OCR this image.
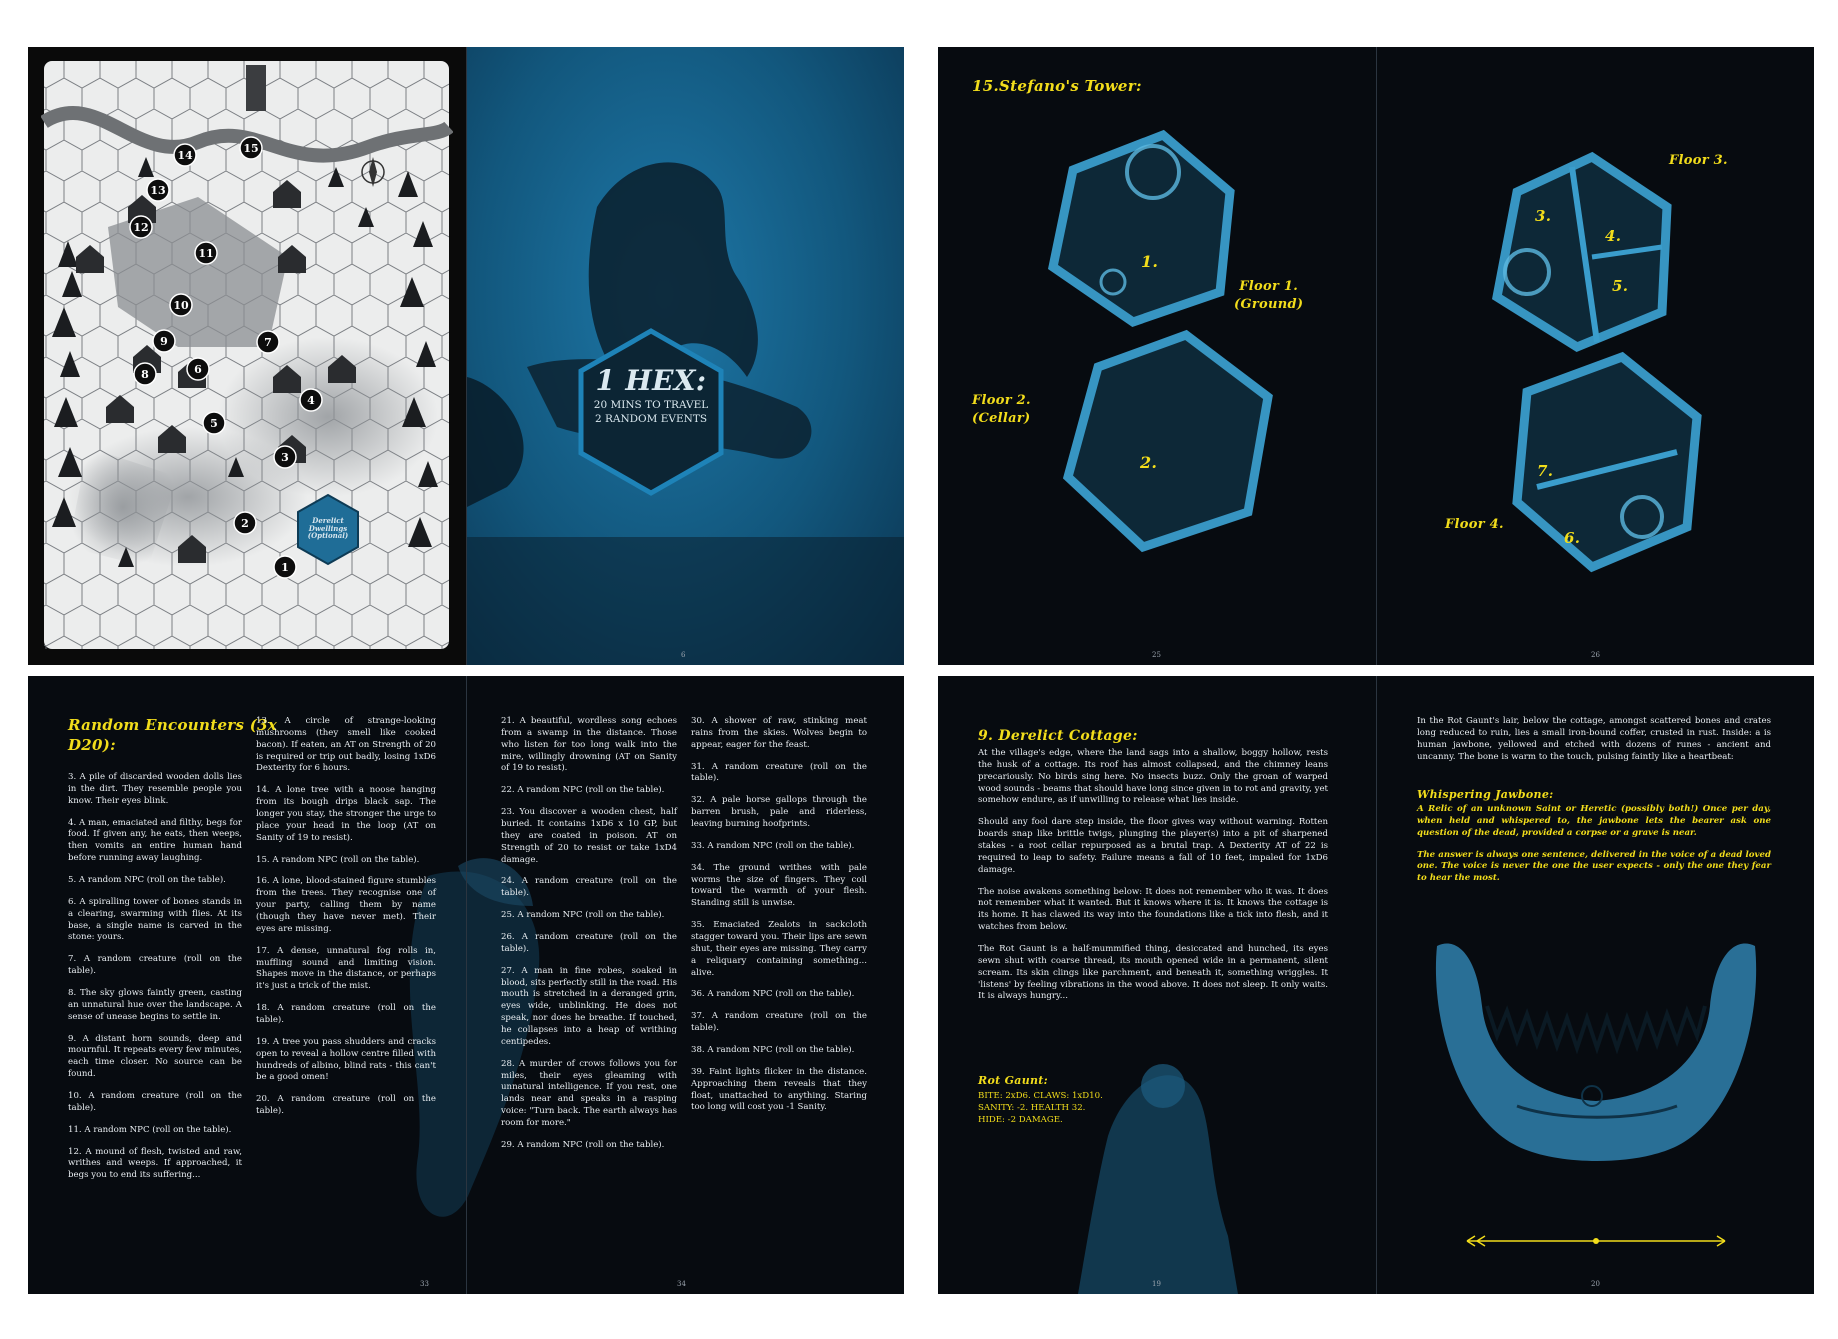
1
2
3
4
5
6
7
8
9
10
11
12
13
14
15
Derelict Dwellings (Optional)
1 HEX:
20 MINS TO TRAVEL
2 RANDOM EVENTS
6
15.Stefano's Tower:
1.
2.
Floor 1.
(Ground)
Floor 2.
(Cellar)
25
Floor 3.
Floor 4.
3.
4.
5.
6.
7.
26
Random Encounters (3x
D20):

3. A pile of discarded wooden dolls lies in the dirt. They resemble people you know. Their eyes blink.

4. A man, emaciated and filthy, begs for food. If given any, he eats, then weeps, then vomits an entire human hand before running away laughing.

5. A random NPC (roll on the table).

6. A spiralling tower of bones stands in a clearing, swarming with flies. At its base, a single name is carved in the stone: yours.

7. A random creature (roll on the table).

8. The sky glows faintly green, casting an unnatural hue over the landscape. A sense of unease begins to settle in.

9. A distant horn sounds, deep and mournful. It repeats every few minutes, each time closer. No source can be found.

10. A random creature (roll on the table).

11. A random NPC (roll on the table).

12. A mound of flesh, twisted and raw, writhes and weeps. If approached, it begs you to end its suffering...

13. A circle of strange-looking mushrooms (they smell like cooked bacon). If eaten, an AT on Strength of 20 is required or trip out badly, losing 1xD6 Dexterity for 6 hours.

14. A lone tree with a noose hanging from its bough drips black sap. The longer you stay, the stronger the urge to place your head in the loop (AT on Sanity of 19 to resist).

15. A random NPC (roll on the table).

16. A lone, blood-stained figure stumbles from the trees. They recognise one of your party, calling them by name (though they have never met). Their eyes are missing.

17. A dense, unnatural fog rolls in, muffling sound and limiting vision. Shapes move in the distance, or perhaps it's just a trick of the mist.

18. A random creature (roll on the table).

19. A tree you pass shudders and cracks open to reveal a hollow centre filled with hundreds of albino, blind rats - this can't be a good omen!

20. A random creature (roll on the table).

33

21. A beautiful, wordless song echoes from a swamp in the distance. Those who listen for too long walk into the mire, willingly drowning (AT on Sanity of 19 to resist).

22. A random NPC (roll on the table).

23. You discover a wooden chest, half buried. It contains 1xD6 x 10 GP, but they are coated in poison. AT on Strength of 20 to resist or take 1xD4 damage.

24. A random creature (roll on the table).

25. A random NPC (roll on the table).

26. A random creature (roll on the table).

27. A man in fine robes, soaked in blood, sits perfectly still in the road. His mouth is stretched in a deranged grin, eyes wide, unblinking. He does not speak, nor does he breathe. If touched, he collapses into a heap of writhing centipedes.

28. A murder of crows follows you for miles, their eyes gleaming with unnatural intelligence. If you rest, one lands near and speaks in a rasping voice: "Turn back. The earth always has room for more."

29. A random NPC (roll on the table).

30. A shower of raw, stinking meat rains from the skies. Wolves begin to appear, eager for the feast.

31. A random creature (roll on the table).

32. A pale horse gallops through the barren brush, pale and riderless, leaving burning hoofprints.

33. A random NPC (roll on the table).

34. The ground writhes with pale worms the size of fingers. They coil toward the warmth of your flesh. Standing still is unwise.

35. Emaciated Zealots in sackcloth stagger toward you. Their lips are sewn shut, their eyes are missing. They carry a reliquary containing something... alive.

36. A random NPC (roll on the table).

37. A random creature (roll on the table).

38. A random NPC (roll on the table).

39. Faint lights flicker in the distance. Approaching them reveals that they float, unattached to anything. Staring too long will cost you -1 Sanity.

34
9. Derelict Cottage:

At the village's edge, where the land sags into a shallow, boggy hollow, rests the husk of a cottage. Its roof has almost collapsed, and the chimney leans precariously. No birds sing here. No insects buzz. Only the groan of warped wood sounds - beams that should have long since given in to rot and gravity, yet somehow endure, as if unwilling to release what lies inside.

Should any fool dare step inside, the floor gives way without warning. Rotten boards snap like brittle twigs, plunging the player(s) into a pit of sharpened stakes - a root cellar repurposed as a brutal trap. A Dexterity AT of 22 is required to leap to safety. Failure means a fall of 10 feet, impaled for 1xD6 damage.

The noise awakens something below: It does not remember who it was. It does not remember what it wanted. But it knows where it is. It knows the cottage is its home. It has clawed its way into the foundations like a tick into flesh, and it watches from below.

The Rot Gaunt is a half-mummified thing, desiccated and hunched, its eyes sewn shut with coarse thread, its mouth opened wide in a permanent, silent scream. Its skin clings like parchment, and beneath it, something wriggles. It 'listens' by feeling vibrations in the wood above. It does not sleep. It only waits. It is always hungry...

Rot Gaunt:
BITE: 2xD6. CLAWS: 1xD10.
SANITY: -2. HEALTH 32.
HIDE: -2 DAMAGE.
19

In the Rot Gaunt's lair, below the cottage, amongst scattered bones and crates long reduced to ruin, lies a small iron-bound coffer, crusted in rust. Inside: a is human jawbone, yellowed and etched with dozens of runes - ancient and uncanny. The bone is warm to the touch, pulsing faintly like a heartbeat:

Whispering Jawbone:

A Relic of an unknown Saint or Heretic (possibly both!) Once per day, when held and whispered to, the jawbone lets the bearer ask one question of the dead, provided a corpse or a grave is near.

The answer is always one sentence, delivered in the voice of a dead loved one. The voice is never the one the user expects - only the one they fear to hear the most.

20
